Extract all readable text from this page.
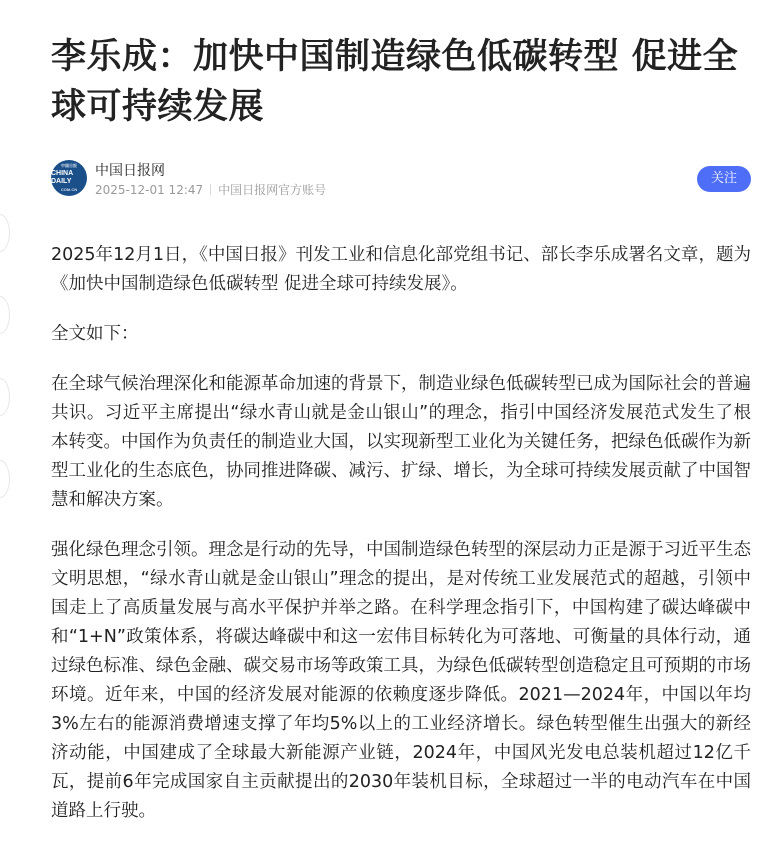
李乐成：加快中国制造绿色低碳转型 促进全球可持续发展
中国日报
CHINA DAILY
COM.CN
中国日报网
2025-12-01 12:47 中国日报网官方账号
关注

2025年12月1日，《中国日报》刊发工业和信息化部党组书记、部长李乐成署名文章，题为《加快中国制造绿色低碳转型 促进全球可持续发展》。

全文如下：

在全球气候治理深化和能源革命加速的背景下，制造业绿色低碳转型已成为国际社会的普遍共识。习近平主席提出“绿水青山就是金山银山”的理念，指引中国经济发展范式发生了根本转变。中国作为负责任的制造业大国，以实现新型工业化为关键任务，把绿色低碳作为新型工业化的生态底色，协同推进降碳、减污、扩绿、增长，为全球可持续发展贡献了中国智慧和解决方案。

强化绿色理念引领。理念是行动的先导，中国制造绿色转型的深层动力正是源于习近平生态文明思想，“绿水青山就是金山银山”理念的提出，是对传统工业发展范式的超越，引领中国走上了高质量发展与高水平保护并举之路。在科学理念指引下，中国构建了碳达峰碳中和“1+N”政策体系，将碳达峰碳中和这一宏伟目标转化为可落地、可衡量的具体行动，通过绿色标准、绿色金融、碳交易市场等政策工具，为绿色低碳转型创造稳定且可预期的市场环境。近年来，中国的经济发展对能源的依赖度逐步降低。2021—2024年，中国以年均3%左右的能源消费增速支撑了年均5%以上的工业经济增长。绿色转型催生出强大的新经济动能，中国建成了全球最大新能源产业链，2024年，中国风光发电总装机超过12亿千瓦，提前6年完成国家自主贡献提出的2030年装机目标，全球超过一半的电动汽车在中国道路上行驶。
